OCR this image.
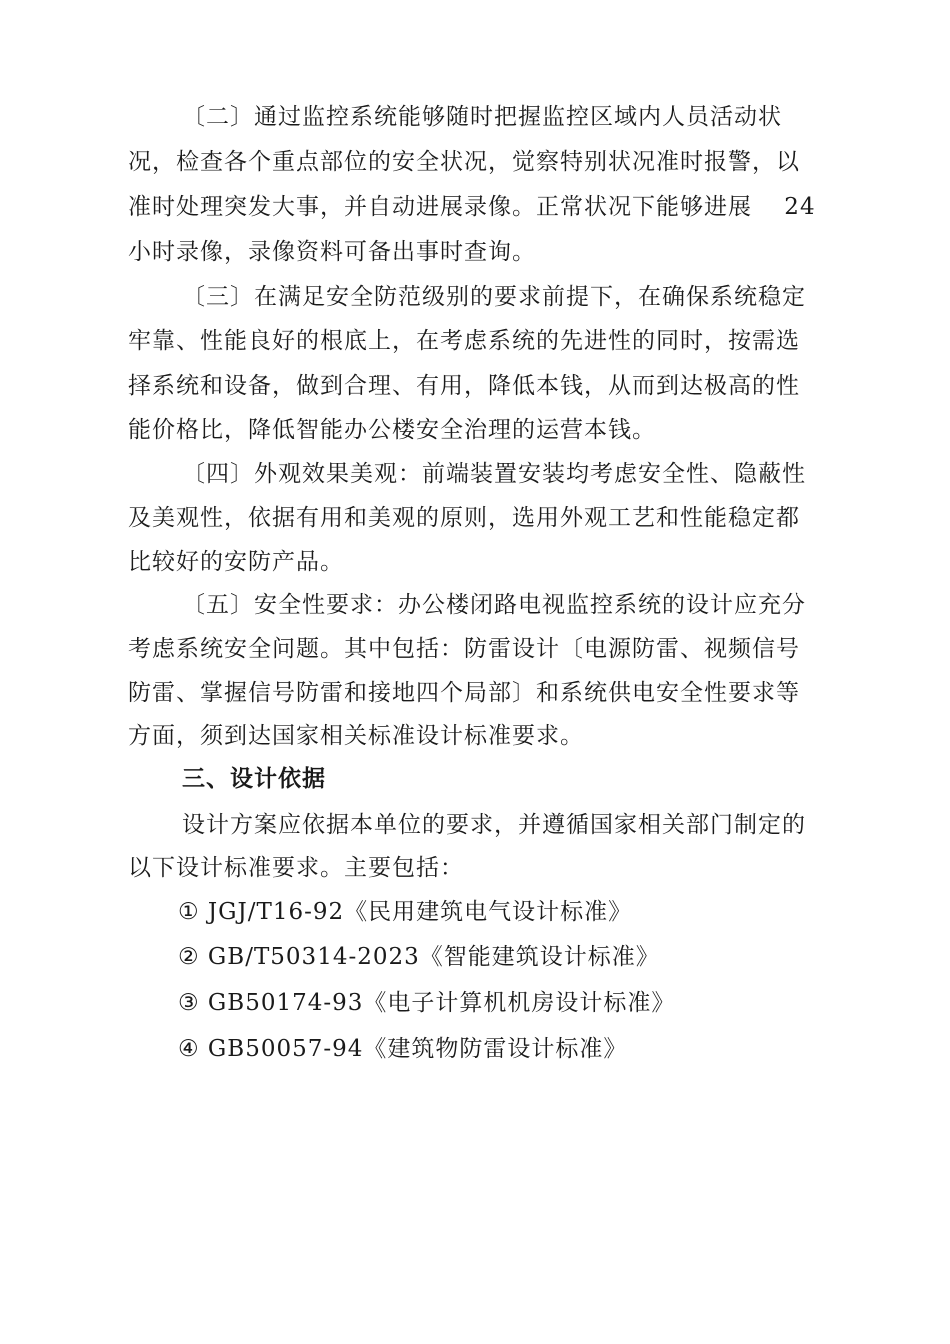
〔二〕通过监控系统能够随时把握监控区域内人员活动状
况，检查各个重点部位的安全状况，觉察特别状况准时报警，以
准时处理突发大事，并自动进展录像。正常状况下能够进展　 24
小时录像，录像资料可备出事时查询。
〔三〕在满足安全防范级别的要求前提下，在确保系统稳定
牢靠、性能良好的根底上，在考虑系统的先进性的同时，按需选
择系统和设备，做到合理、有用，降低本钱，从而到达极高的性
能价格比，降低智能办公楼安全治理的运营本钱。
〔四〕外观效果美观：前端装置安装均考虑安全性、隐蔽性
及美观性，依据有用和美观的原则，选用外观工艺和性能稳定都
比较好的安防产品。
〔五〕安全性要求：办公楼闭路电视监控系统的设计应充分
考虑系统安全问题。其中包括：防雷设计〔电源防雷、视频信号
防雷、掌握信号防雷和接地四个局部〕和系统供电安全性要求等
方面，须到达国家相关标准设计标准要求。
三、设计依据
设计方案应依据本单位的要求，并遵循国家相关部门制定的
以下设计标准要求。主要包括：
① JGJ/T16-92《民用建筑电气设计标准》
② GB/T50314-2023《智能建筑设计标准》
③ GB50174-93《电子计算机机房设计标准》
④ GB50057-94《建筑物防雷设计标准》
